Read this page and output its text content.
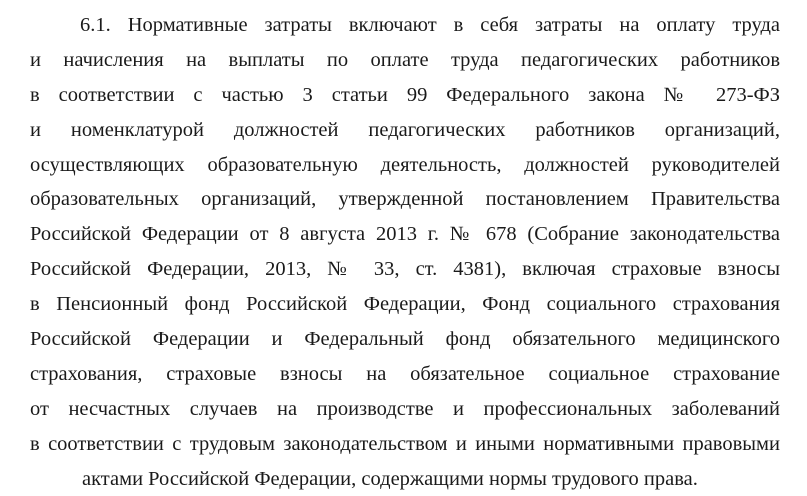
6.1. Нормативные затраты включают в себя затраты на оплату труда
и начисления на выплаты по оплате труда педагогических работников
в соответствии с частью 3 статьи 99 Федерального закона № 273-ФЗ
и номенклатурой должностей педагогических работников организаций,
осуществляющих образовательную деятельность, должностей руководителей
образовательных организаций, утвержденной постановлением Правительства
Российской Федерации от 8 августа 2013 г. № 678 (Собрание законодательства
Российской Федерации, 2013, № 33, ст. 4381), включая страховые взносы
в Пенсионный фонд Российской Федерации, Фонд социального страхования
Российской Федерации и Федеральный фонд обязательного медицинского
страхования, страховые взносы на обязательное социальное страхование
от несчастных случаев на производстве и профессиональных заболеваний
в соответствии с трудовым законодательством и иными нормативными правовыми
актами Российской Федерации, содержащими нормы трудового права.
